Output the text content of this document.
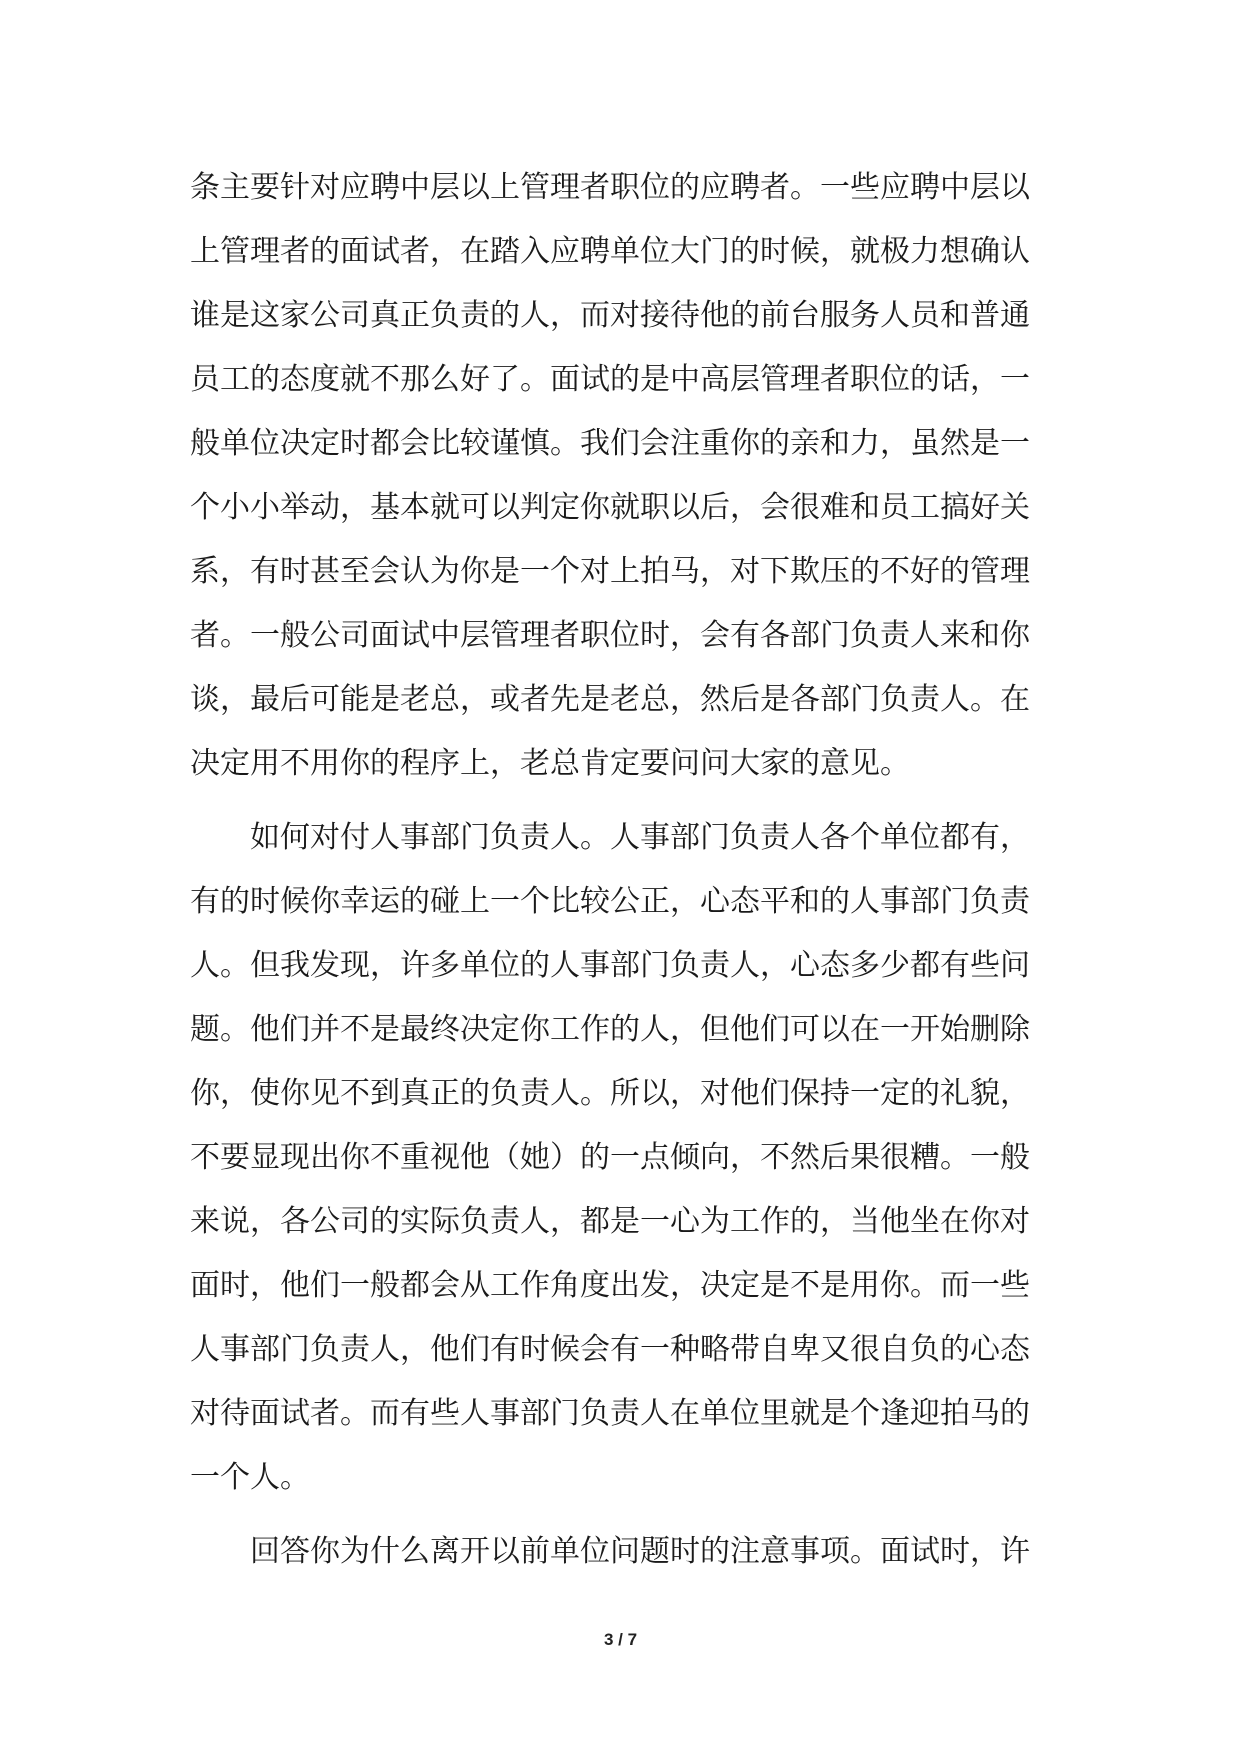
条主要针对应聘中层以上管理者职位的应聘者。一些应聘中层以
上管理者的面试者，在踏入应聘单位大门的时候，就极力想确认
谁是这家公司真正负责的人，而对接待他的前台服务人员和普通
员工的态度就不那么好了。面试的是中高层管理者职位的话，一
般单位决定时都会比较谨慎。我们会注重你的亲和力，虽然是一
个小小举动，基本就可以判定你就职以后，会很难和员工搞好关
系，有时甚至会认为你是一个对上拍马，对下欺压的不好的管理
者。一般公司面试中层管理者职位时，会有各部门负责人来和你
谈，最后可能是老总，或者先是老总，然后是各部门负责人。在
决定用不用你的程序上，老总肯定要问问大家的意见。
如何对付人事部门负责人。人事部门负责人各个单位都有，
有的时候你幸运的碰上一个比较公正，心态平和的人事部门负责
人。但我发现，许多单位的人事部门负责人，心态多少都有些问
题。他们并不是最终决定你工作的人，但他们可以在一开始删除
你，使你见不到真正的负责人。所以，对他们保持一定的礼貌，
不要显现出你不重视他（她）的一点倾向，不然后果很糟。一般
来说，各公司的实际负责人，都是一心为工作的，当他坐在你对
面时，他们一般都会从工作角度出发，决定是不是用你。而一些
人事部门负责人，他们有时候会有一种略带自卑又很自负的心态
对待面试者。而有些人事部门负责人在单位里就是个逢迎拍马的
一个人。
回答你为什么离开以前单位问题时的注意事项。面试时，许
3 / 7
